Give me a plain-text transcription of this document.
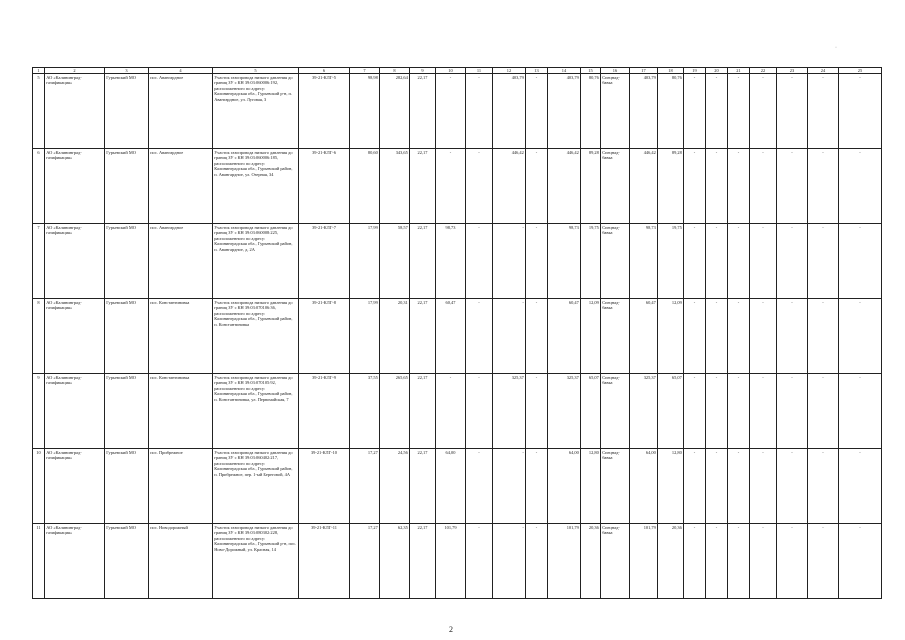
·
1	2	3	4	5	6	7	8	9	10	11	12	13	14	15	16	17	18	19	20	21	22	23	24	25
5	АО «Калининград-газификация»	Гурьевский МО	пос. Авангардное	Участок газопровода низкого давления до границ ЗУ с КН 39:03:060006:192, расположенного по адресу: Калининградская обл., Гурьевский р-н, п. Авангардное, ул. Луговая, 3	39-21-КЛГ-5	98,98	282,64	22,17	-	-	403,79	-	403,79	80,76	Спецнад-бавка	403,79	80,76	-	-	-	-	-	-	-
6	АО «Калининград-газификация»	Гурьевский МО	пос. Авангардное	Участок газопровода низкого давления до границ ЗУ с КН 39:03:060006:185, расположенного по адресу: Калининградская обл., Гурьевский район, п. Авангардное, ул. Озерная, 34	39-21-КЛГ-6	80,60	343,65	22,17	-	-	446,42	-	446,42	89,28	Спецнад-бавка	446,42	89,28	-	-	-	-	-	-	-
7	АО «Калининград-газификация»	Гурьевский МО	пос. Авангардное	Участок газопровода низкого давления до границ ЗУ с КН 39:03:060008:225, расположенного по адресу: Калининградская обл., Гурьевский район, п. Авангардное, д. 2А	39-21-КЛГ-7	17,99	58,57	22,17	98,73	-	-	-	98,73	19,75	Спецнад-бавка	98,73	19,75	-	-	-	-	-	-	-
8	АО «Калининград-газификация»	Гурьевский МО	пос. Константиновка	Участок газопровода низкого давления до границ ЗУ с КН 39:03:070106:36, расположенного по адресу: Калининградская обл., Гурьевский район, п. Константиновка	39-21-КЛГ-8	17,99	20,31	22,17	60,47	-	-	-	60,47	12,09	Спецнад-бавка	60,47	12,09	-	-	-	-	-	-	-
9	АО «Калининград-газификация»	Гурьевский МО	пос. Константиновка	Участок газопровода низкого давления до границ ЗУ с КН 39:03:070105:92, расположенного по адресу: Калининградская обл., Гурьевский район, п. Константиновка, ул. Первомайская, 7	39-21-КЛГ-9	37,55	265,65	22,17	-	-	325,37	-	325,37	65,07	Спецнад-бавка	325,37	65,07	-	-	-	-	-	-	-
10	АО «Калининград-газификация»	Гурьевский МО	пос. Прибрежное	Участок газопровода низкого давления до границ ЗУ с КН 39:03:060402:217, расположенного по адресу: Калининградская обл., Гурьевский район, п. Прибрежное, пер. 1-ый Береговой, 4А	39-21-КЛГ-10	17,27	24,56	22,17	64,00	-	-	-	64,00	12,80	Спецнад-бавка	64,00	12,80	-	-	-	-	-	-	-
11	АО «Калининград-газификация»	Гурьевский МО	пос. Новодорожный	Участок газопровода низкого давления до границ ЗУ с КН 39:03:080302:228, расположенного по адресу: Калининградская обл., Гурьевский р-н, пос. Ново-Дорожный, ул. Красная, 14	39-21-КЛГ-11	17,27	62,35	22,17	101,79	-	-	-	101,79	20,36	Спецнад-бавка	101,79	20,36	-	-	-	-	-	-	-
2
